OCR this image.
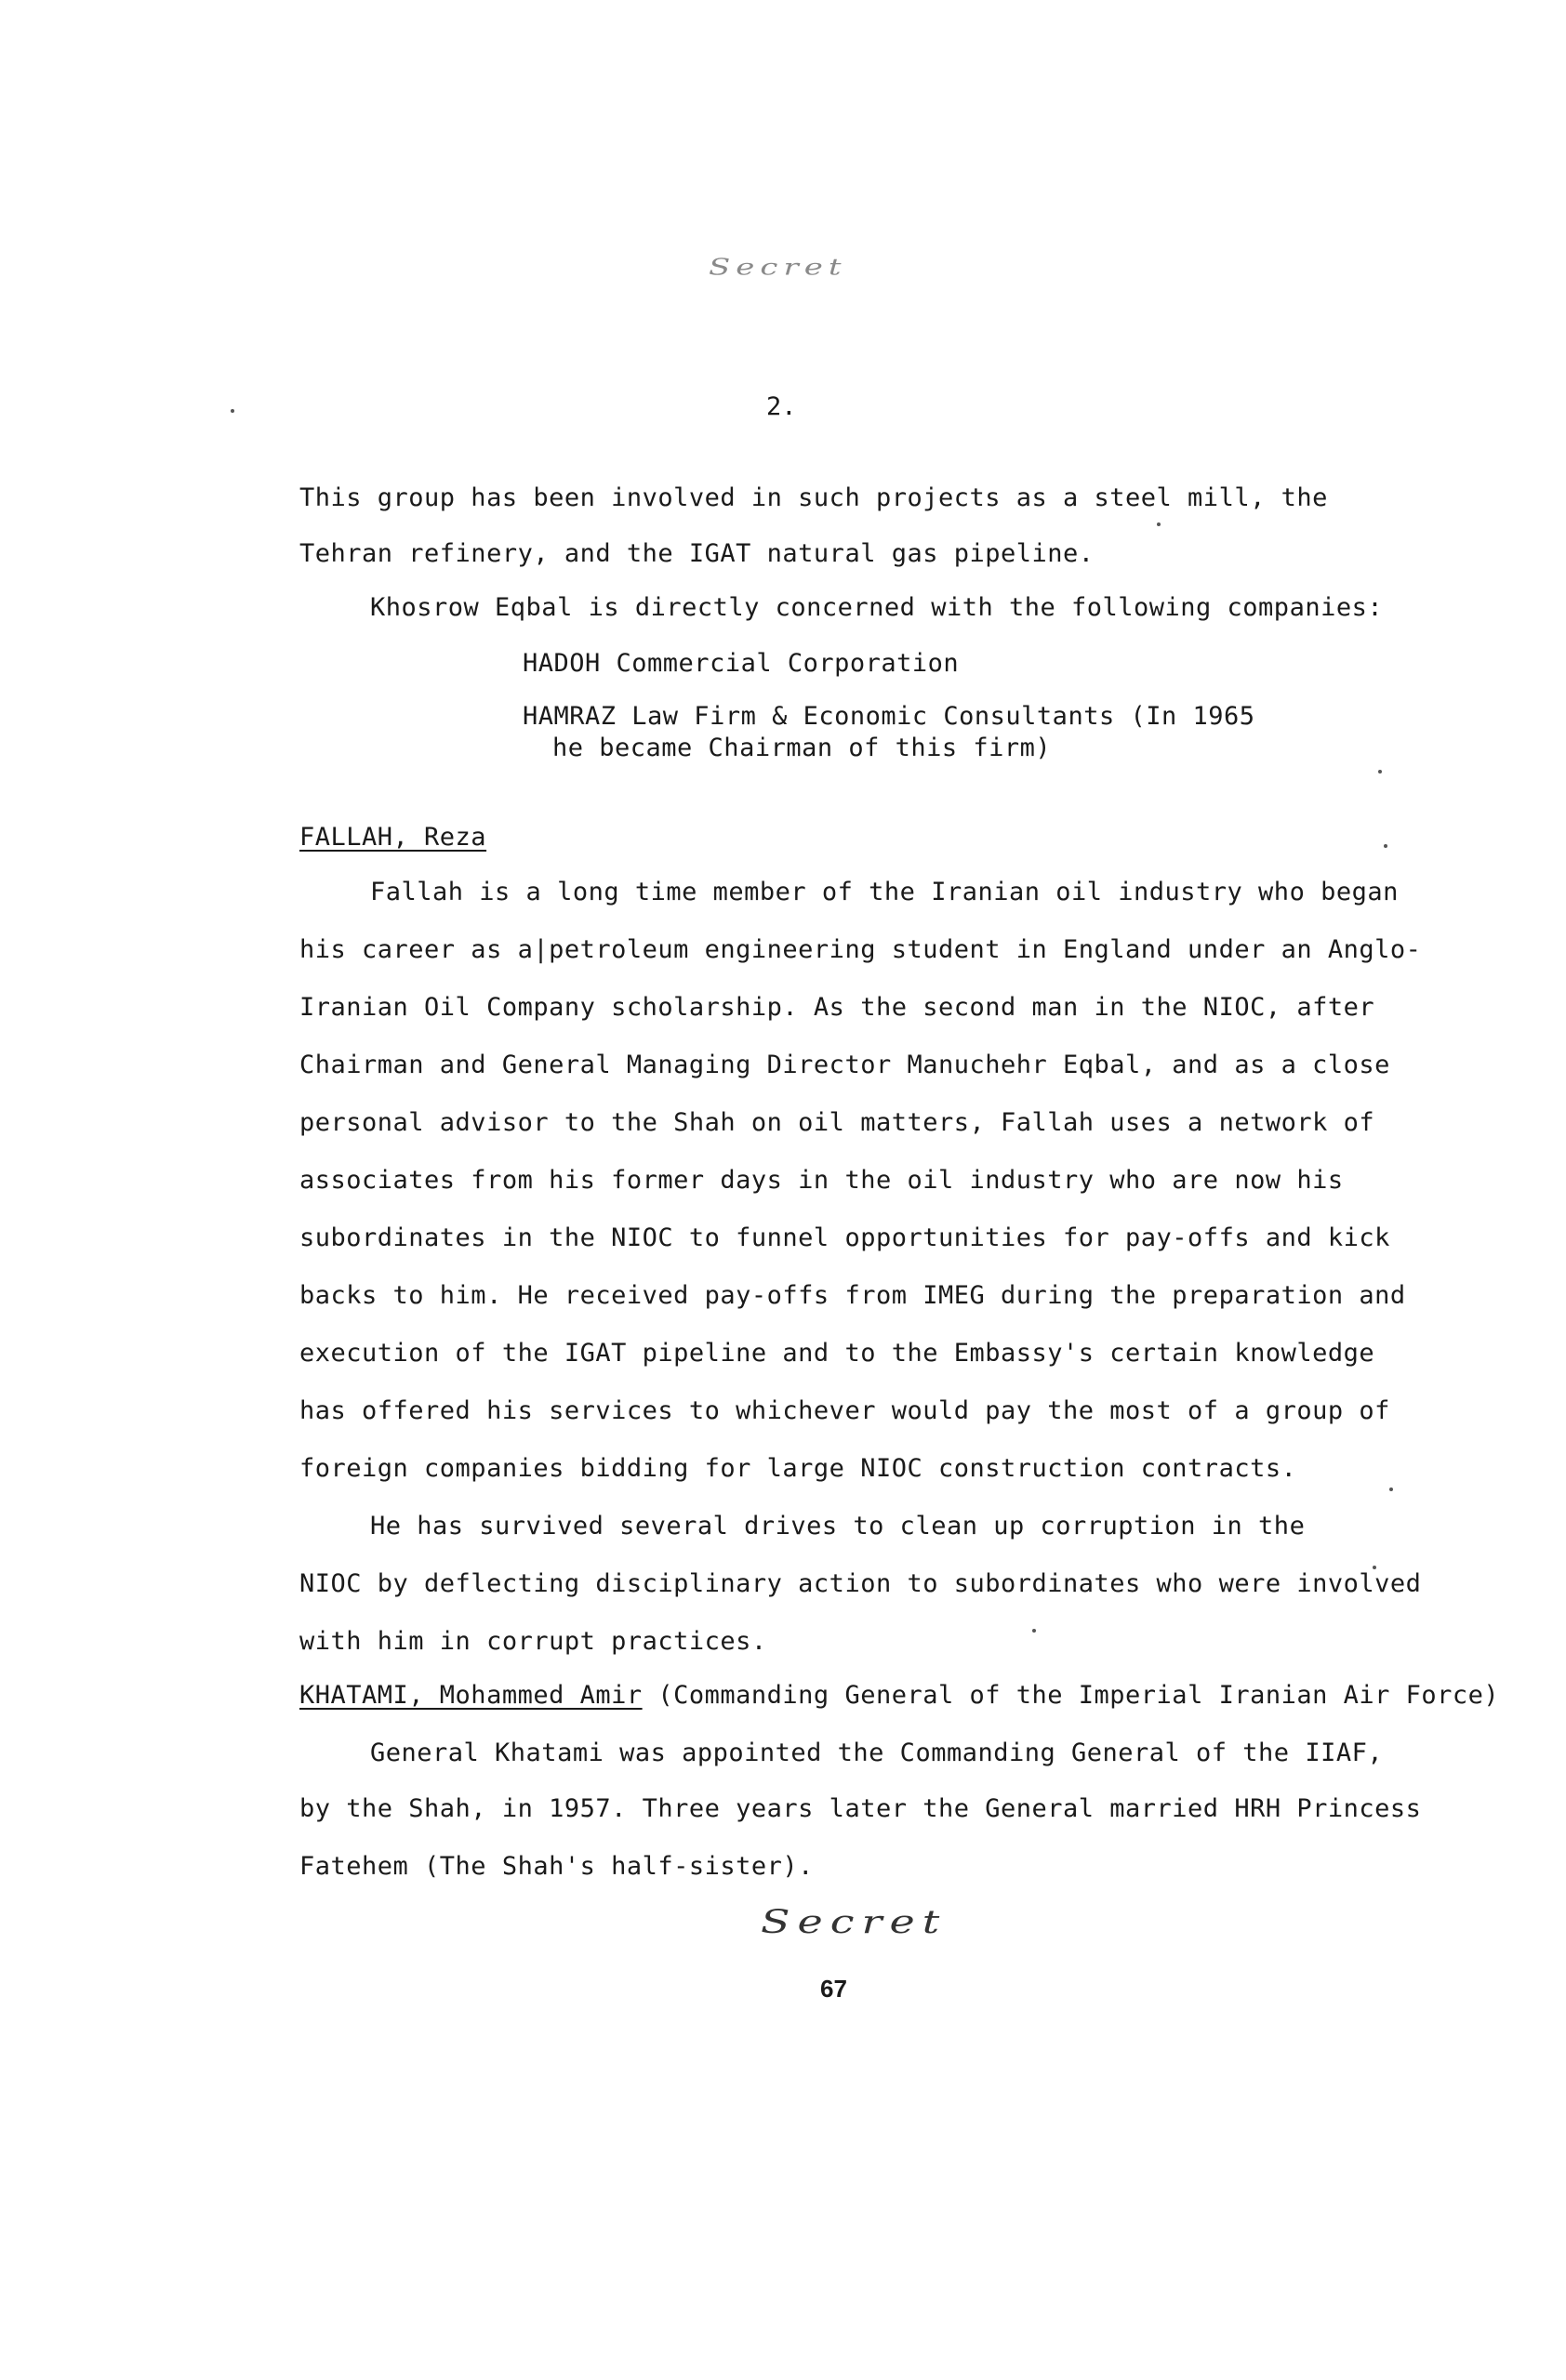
Secret
2.
This group has been involved in such projects as a steel mill, the
Tehran refinery, and the IGAT natural gas pipeline.
Khosrow Eqbal is directly concerned with the following companies:
HADOH Commercial Corporation
HAMRAZ Law Firm & Economic Consultants (In 1965
he became Chairman of this firm)
FALLAH, Reza
Fallah is a long time member of the Iranian oil industry who began
his career as a|petroleum engineering student in England under an Anglo-
Iranian Oil Company scholarship. As the second man in the NIOC, after
Chairman and General Managing Director Manuchehr Eqbal, and as a close
personal advisor to the Shah on oil matters, Fallah uses a network of
associates from his former days in the oil industry who are now his
subordinates in the NIOC to funnel opportunities for pay-offs and kick
backs to him. He received pay-offs from IMEG during the preparation and
execution of the IGAT pipeline and to the Embassy's certain knowledge
has offered his services to whichever would pay the most of a group of
foreign companies bidding for large NIOC construction contracts.
He has survived several drives to clean up corruption in the
NIOC by deflecting disciplinary action to subordinates who were involved
with him in corrupt practices.
KHATAMI, Mohammed Amir (Commanding General of the Imperial Iranian Air Force)
General Khatami was appointed the Commanding General of the IIAF,
by the Shah, in 1957. Three years later the General married HRH Princess
Fatehem (The Shah's half-sister).
Secret
67
